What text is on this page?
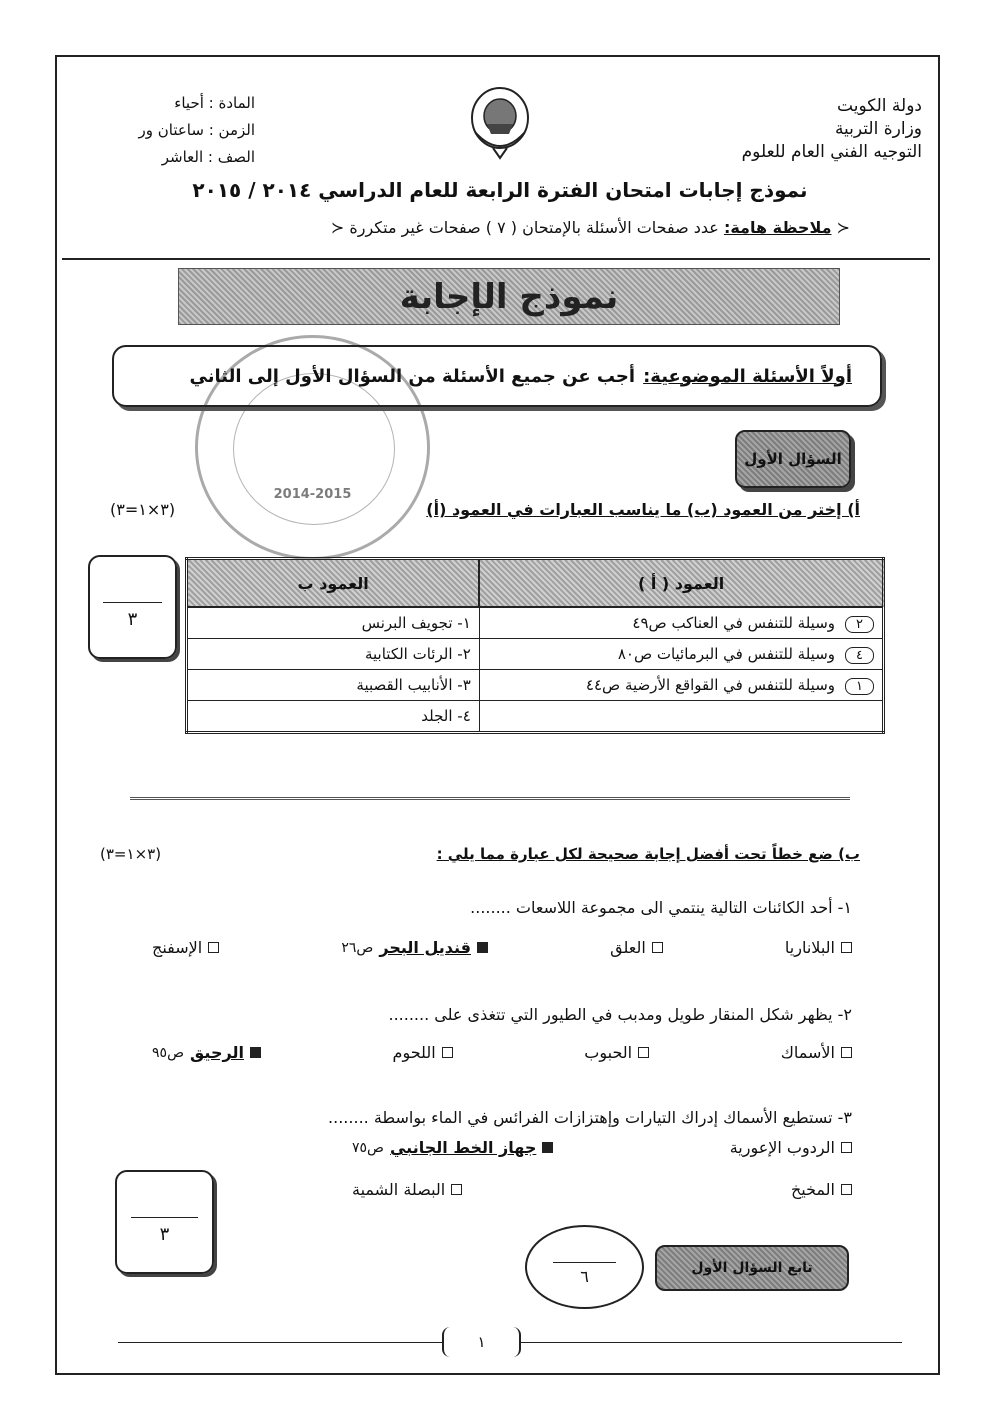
دولة الكويت
وزارة التربية
التوجيه الفني العام للعلوم
المادة : أحياء
الزمن : ساعتان ور
الصف : العاشر
نموذج إجابات امتحان الفترة الرابعة للعام الدراسي ٢٠١٤ / ٢٠١٥
≺ ملاحظة هامة: عدد صفحات الأسئلة بالإمتحان ( ٧ ) صفحات غير متكررة ≺
نموذج الإجابة
2014-2015
أولاً الأسئلة الموضوعية:
أجب عن جميع الأسئلة من السؤال الأول إلى الثاني
السؤال الأول
أ) إختر من العمود (ب) ما يناسب العبارات في العمود (أ)
(٣×١=٣)
٣
العمود ( أ )	العمود ب
٢وسيلة للتنفس في العناكب ص٤٩	١- تجويف البرنس
٤وسيلة للتنفس في البرمائيات ص٨٠	٢- الرئات الكتابية
١وسيلة للتنفس في القواقع الأرضية ص٤٤	٣- الأنابيب القصبية
	٤- الجلد
ب) ضع خطاً تحت أفضل إجابة صحيحة لكل عبارة مما يلي :
(٣×١=٣)
١- أحد الكائنات التالية ينتمي الى مجموعة اللاسعات ........
البلاناريا
العلق
قنديل البحر
ص٢٦
الإسفنج
٢- يظهر شكل المنقار طويل ومدبب في الطيور التي تتغذى على ........
الأسماك
الحبوب
اللحوم
الرحيق
ص٩٥
٣- تستطيع الأسماك إدراك التيارات وإهتزازات الفرائس في الماء بواسطة ........
الردوب الإعورية
جهاز الخط الجانبي
ص٧٥
المخيخ
البصلة الشمية
٣
٦	تابع السؤال الأول
١
